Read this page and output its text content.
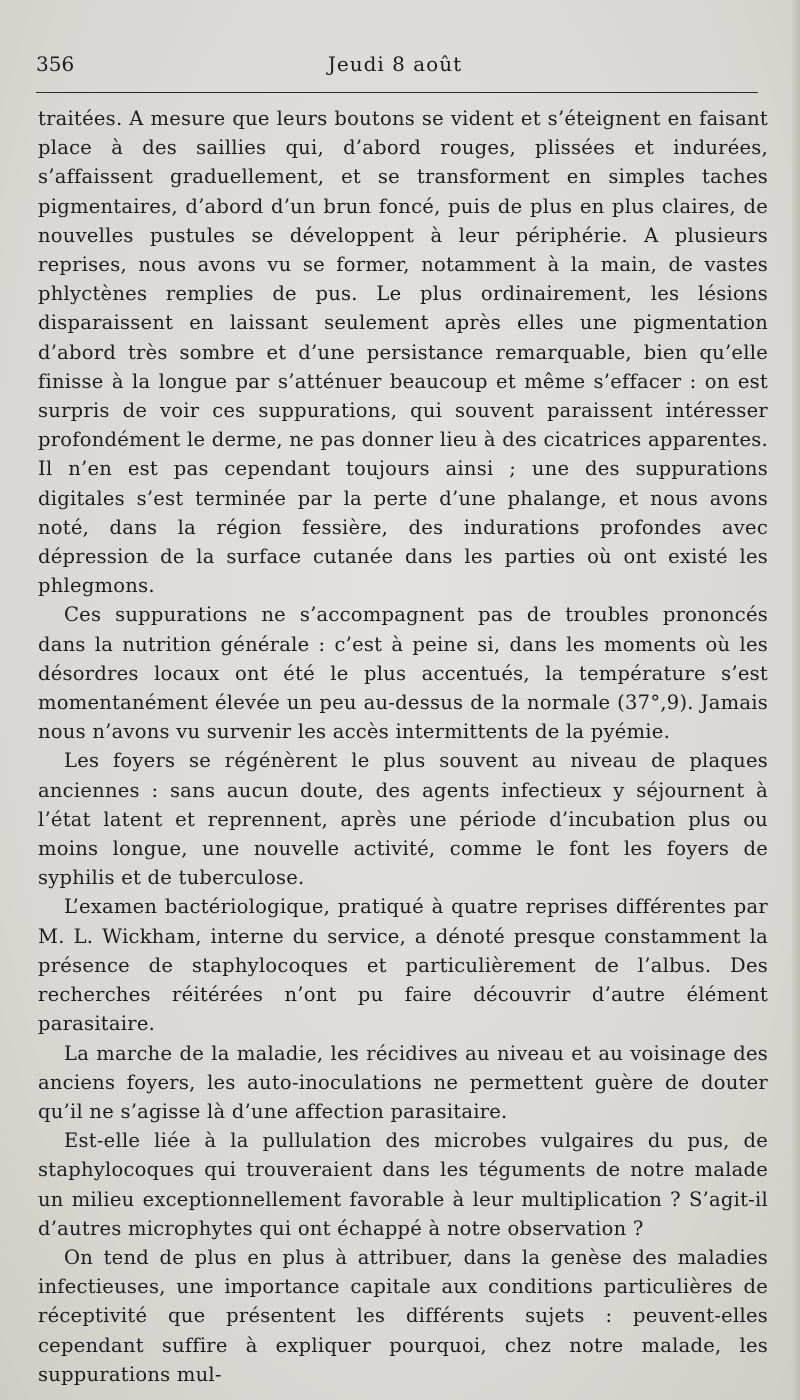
356	Jeudi 8 août

traitées. A mesure que leurs boutons se vident et s’éteignent en faisant place à des saillies qui, d’abord rouges, plissées et indurées, s’affaissent graduellement, et se transforment en simples taches pigmentaires, d’abord d’un brun foncé, puis de plus en plus claires, de nouvelles pustules se développent à leur périphérie. A plusieurs reprises, nous avons vu se former, notamment à la main, de vastes phlyctènes remplies de pus. Le plus ordinairement, les lésions disparaissent en laissant seulement après elles une pigmentation d’abord très sombre et d’une persistance remarquable, bien qu’elle finisse à la longue par s’atténuer beaucoup et même s’effacer : on est surpris de voir ces suppurations, qui souvent paraissent intéresser profondément le derme, ne pas donner lieu à des cicatrices apparentes. Il n’en est pas cependant toujours ainsi ; une des suppurations digitales s’est terminée par la perte d’une phalange, et nous avons noté, dans la région fessière, des indurations profondes avec dépression de la surface cutanée dans les parties où ont existé les phlegmons.

Ces suppurations ne s’accompagnent pas de troubles prononcés dans la nutrition générale : c’est à peine si, dans les moments où les désordres locaux ont été le plus accentués, la température s’est momentanément élevée un peu au-dessus de la normale (37°,9). Jamais nous n’avons vu survenir les accès intermittents de la pyémie.

Les foyers se régénèrent le plus souvent au niveau de plaques anciennes : sans aucun doute, des agents infectieux y séjournent à l’état latent et reprennent, après une période d’incubation plus ou moins longue, une nouvelle activité, comme le font les foyers de syphilis et de tuberculose.

L’examen bactériologique, pratiqué à quatre reprises différentes par M. L. Wickham, interne du service, a dénoté presque constamment la présence de staphylocoques et particulièrement de l’albus. Des recherches réitérées n’ont pu faire découvrir d’autre élément parasitaire.

La marche de la maladie, les récidives au niveau et au voisinage des anciens foyers, les auto-inoculations ne permettent guère de douter qu’il ne s’agisse là d’une affection parasitaire.

Est-elle liée à la pullulation des microbes vulgaires du pus, de staphylocoques qui trouveraient dans les téguments de notre malade un milieu exceptionnellement favorable à leur multiplication ? S’agit-il d’autres microphytes qui ont échappé à notre observation ?

On tend de plus en plus à attribuer, dans la genèse des maladies infectieuses, une importance capitale aux conditions particulières de réceptivité que présentent les différents sujets : peuvent-elles cependant suffire à expliquer pourquoi, chez notre malade, les suppurations mul-
